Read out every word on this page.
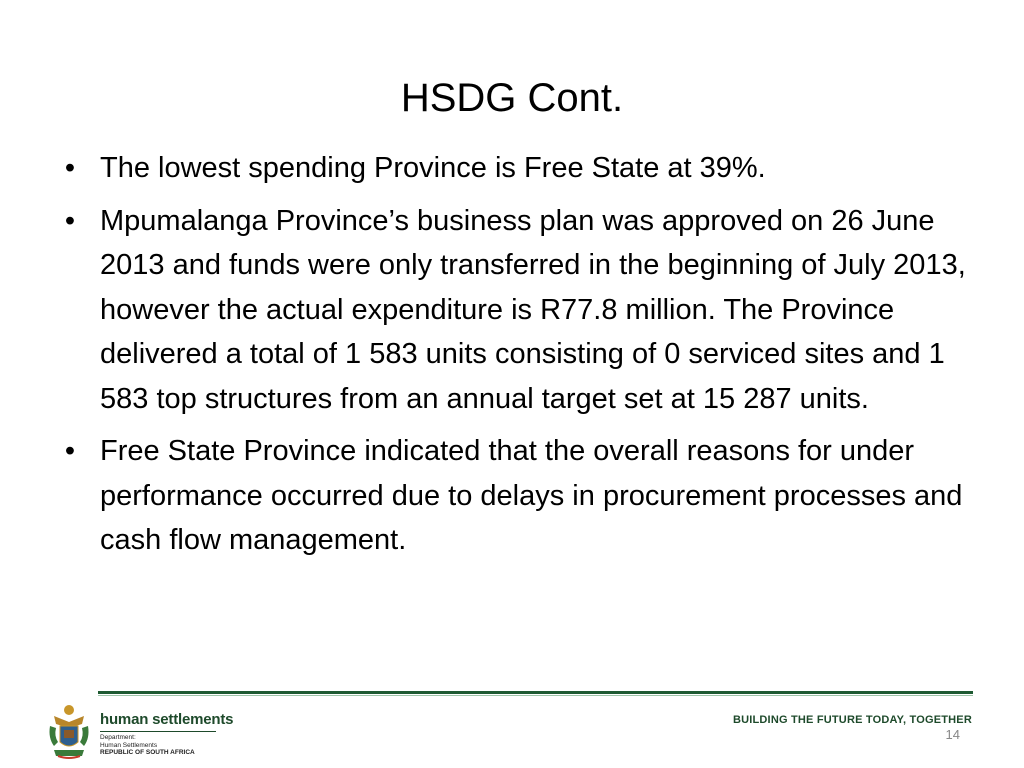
HSDG Cont.
• The lowest spending Province is Free State at 39%.
• Mpumalanga Province’s business plan was approved on 26 June 2013 and funds were only transferred in the beginning of July 2013, however the actual expenditure is R77.8 million. The Province delivered a total of 1 583 units consisting of 0 serviced sites and 1 583 top structures from an annual target set at 15 287 units.
• Free State Province indicated that the overall reasons for under performance occurred due to delays in procurement processes and cash flow management.
human settlements
Department:
Human Settlements
REPUBLIC OF SOUTH AFRICA
BUILDING THE FUTURE TODAY, TOGETHER
14
